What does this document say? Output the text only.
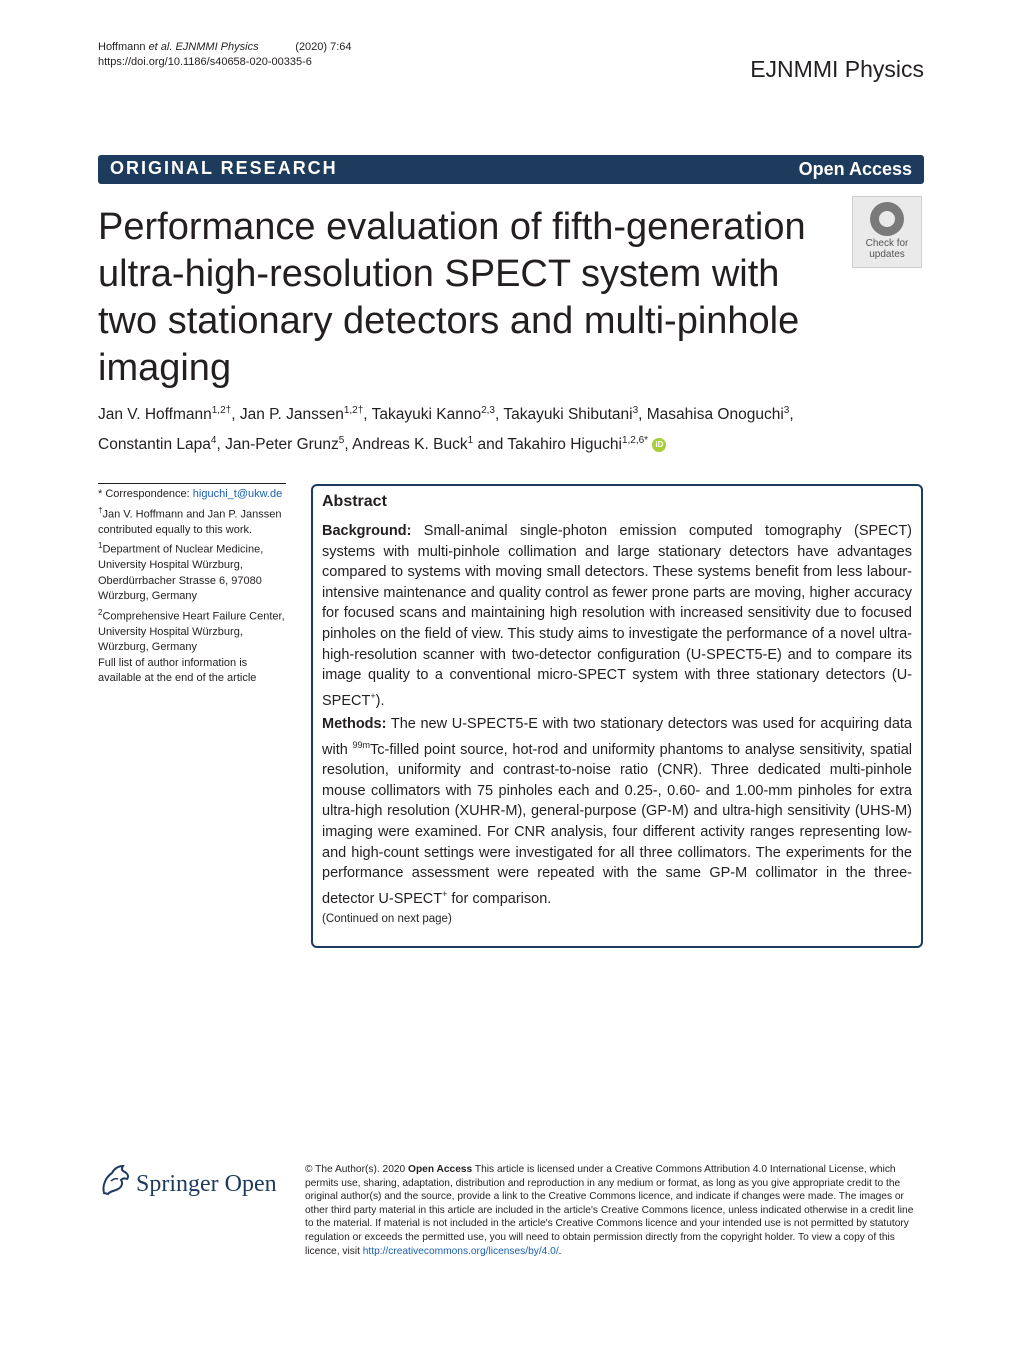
Hoffmann et al. EJNMMI Physics	(2020) 7:64
https://doi.org/10.1186/s40658-020-00335-6	EJNMMI Physics
ORIGINAL RESEARCH	Open Access
Performance evaluation of fifth-generation ultra-high-resolution SPECT system with two stationary detectors and multi-pinhole imaging
Check for
updates
Jan V. Hoffmann$^{1,2\dagger}$, Jan P. Janssen$^{1,2\dagger}$, Takayuki Kanno$^{2,3}$, Takayuki Shibutani$^3$, Masahisa Onoguchi$^3$,
Constantin Lapa$^4$, Jan-Peter Grunz$^5$, Andreas K. Buck$^1$ and Takahiro Higuchi$^{1,2,6*}$ iD

* Correspondence: higuchi_t@ukw.de

†Jan V. Hoffmann and Jan P. Janssen contributed equally to this work.

$^1$Department of Nuclear Medicine, University Hospital Würzburg, Oberdürrbacher Strasse 6, 97080 Würzburg, Germany

$^2$Comprehensive Heart Failure Center, University Hospital Würzburg, Würzburg, Germany

Full list of author information is available at the end of the article

Abstract

Background: Small-animal single-photon emission computed tomography (SPECT) systems with multi-pinhole collimation and large stationary detectors have advantages compared to systems with moving small detectors. These systems benefit from less labour-intensive maintenance and quality control as fewer prone parts are moving, higher accuracy for focused scans and maintaining high resolution with increased sensitivity due to focused pinholes on the field of view. This study aims to investigate the performance of a novel ultra-high-resolution scanner with two-detector configuration (U-SPECT5-E) and to compare its image quality to a conventional micro-SPECT system with three stationary detectors (U-SPECT+).

Methods: The new U-SPECT5-E with two stationary detectors was used for acquiring data with $^{99m}$Tc-filled point source, hot-rod and uniformity phantoms to analyse sensitivity, spatial resolution, uniformity and contrast-to-noise ratio (CNR). Three dedicated multi-pinhole mouse collimators with 75 pinholes each and 0.25-, 0.60- and 1.00-mm pinholes for extra ultra-high resolution (XUHR-M), general-purpose (GP-M) and ultra-high sensitivity (UHS-M) imaging were examined. For CNR analysis, four different activity ranges representing low- and high-count settings were investigated for all three collimators. The experiments for the performance assessment were repeated with the same GP-M collimator in the three-detector U-SPECT+ for comparison.

(Continued on next page)
Springer Open
© The Author(s). 2020 Open Access This article is licensed under a Creative Commons Attribution 4.0 International License, which permits use, sharing, adaptation, distribution and reproduction in any medium or format, as long as you give appropriate credit to the original author(s) and the source, provide a link to the Creative Commons licence, and indicate if changes were made. The images or other third party material in this article are included in the article's Creative Commons licence, unless indicated otherwise in a credit line to the material. If material is not included in the article's Creative Commons licence and your intended use is not permitted by statutory regulation or exceeds the permitted use, you will need to obtain permission directly from the copyright holder. To view a copy of this licence, visit http://creativecommons.org/licenses/by/4.0/.
